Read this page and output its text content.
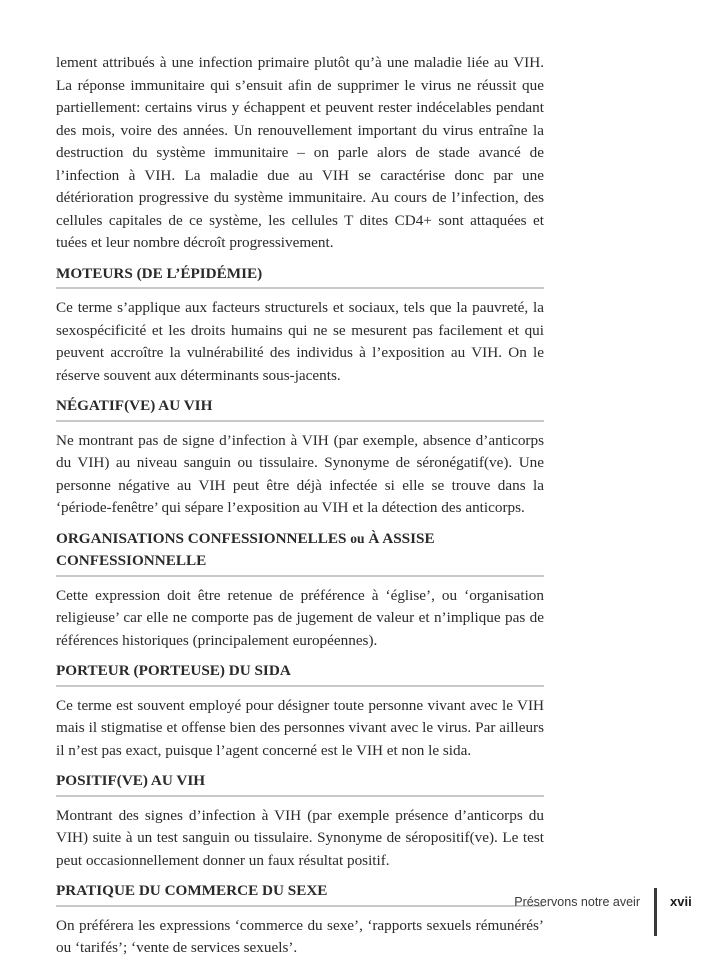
lement attribués à une infection primaire plutôt qu’à une maladie liée au VIH. La réponse immunitaire qui s’ensuit afin de supprimer le virus ne réussit que partiellement: certains virus y échappent et peuvent rester indécelables pendant des mois, voire des années. Un renouvellement important du virus entraîne la destruction du système immunitaire – on parle alors de stade avancé de l’infection à VIH. La maladie due au VIH se caractérise donc par une détérioration progressive du système immunitaire. Au cours de l’infection, des cellules capitales de ce système, les cellules T dites CD4+ sont attaquées et tuées et leur nombre décroît progressivement.

MOTEURS (DE L’ÉPIDÉMIE)

Ce terme s’applique aux facteurs structurels et sociaux, tels que la pauvreté, la sexospécificité et les droits humains qui ne se mesurent pas facilement et qui peuvent accroître la vulnérabilité des individus à l’exposition au VIH. On le réserve souvent aux déterminants sous-jacents.

NÉGATIF(VE) AU VIH

Ne montrant pas de signe d’infection à VIH (par exemple, absence d’anticorps du VIH) au niveau sanguin ou tissulaire. Synonyme de séronégatif(ve). Une personne négative au VIH peut être déjà infectée si elle se trouve dans la ‘période-fenêtre’ qui sépare l’exposition au VIH et la détection des anticorps.

ORGANISATIONS CONFESSIONNELLES ou À ASSISE CONFESSIONNELLE

Cette expression doit être retenue de préférence à ‘église’, ou ‘organisation religieuse’ car elle ne comporte pas de jugement de valeur et n’implique pas de références historiques (principalement européennes).

PORTEUR (PORTEUSE) DU SIDA

Ce terme est souvent employé pour désigner toute personne vivant avec le VIH mais il stigmatise et offense bien des personnes vivant avec le virus. Par ailleurs il n’est pas exact, puisque l’agent concerné est le VIH et non le sida.

POSITIF(VE) AU VIH

Montrant des signes d’infection à VIH (par exemple présence d’anticorps du VIH) suite à un test sanguin ou tissulaire. Synonyme de séropositif(ve). Le test peut occasionnellement donner un faux résultat positif.

PRATIQUE DU COMMERCE DU SEXE

On préférera les expressions ‘commerce du sexe’, ‘rapports sexuels rémunérés’ ou ‘tarifés’; ‘vente de services sexuels’.

Préservons notre aveir xvii
